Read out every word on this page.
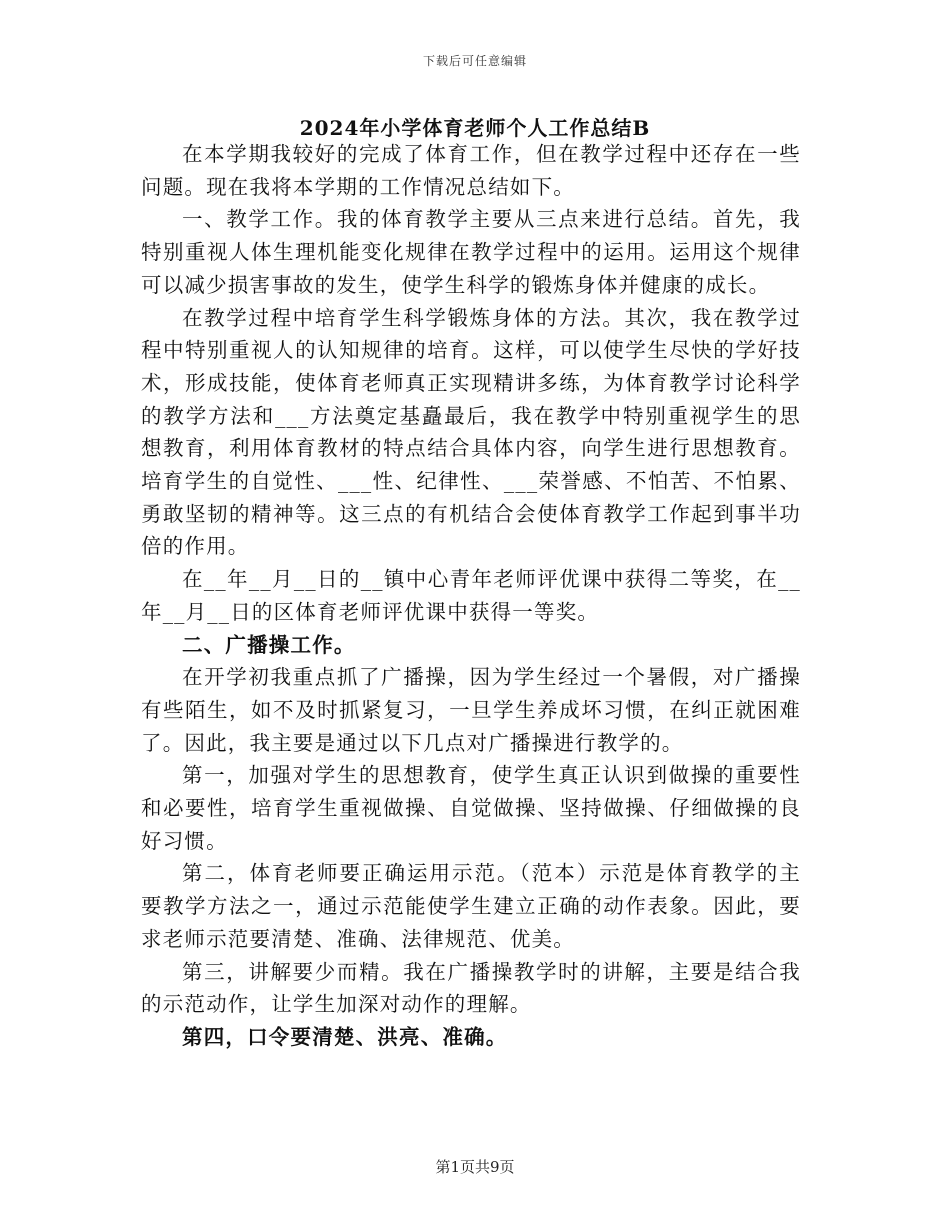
下载后可任意编辑
2024年小学体育老师个人工作总结B

在本学期我较好的完成了体育工作，但在教学过程中还存在一些问题。现在我将本学期的工作情况总结如下。

一、教学工作。我的体育教学主要从三点来进行总结。首先，我特别重视人体生理机能变化规律在教学过程中的运用。运用这个规律可以减少损害事故的发生，使学生科学的锻炼身体并健康的成长。

在教学过程中培育学生科学锻炼身体的方法。其次，我在教学过程中特别重视人的认知规律的培育。这样，可以使学生尽快的学好技术，形成技能，使体育老师真正实现精讲多练，为体育教学讨论科学的教学方法和___方法奠定基矗最后，我在教学中特别重视学生的思想教育，利用体育教材的特点结合具体内容，向学生进行思想教育。培育学生的自觉性、___性、纪律性、___荣誉感、不怕苦、不怕累、勇敢坚韧的精神等。这三点的有机结合会使体育教学工作起到事半功倍的作用。

在__年__月__日的__镇中心青年老师评优课中获得二等奖，在__年__月__日的区体育老师评优课中获得一等奖。

二、广播操工作。

在开学初我重点抓了广播操，因为学生经过一个暑假，对广播操有些陌生，如不及时抓紧复习，一旦学生养成坏习惯，在纠正就困难了。因此，我主要是通过以下几点对广播操进行教学的。

第一，加强对学生的思想教育，使学生真正认识到做操的重要性和必要性，培育学生重视做操、自觉做操、坚持做操、仔细做操的良好习惯。

第二，体育老师要正确运用示范。（范本）示范是体育教学的主要教学方法之一，通过示范能使学生建立正确的动作表象。因此，要求老师示范要清楚、准确、法律规范、优美。

第三，讲解要少而精。我在广播操教学时的讲解，主要是结合我的示范动作，让学生加深对动作的理解。

第四，口令要清楚、洪亮、准确。

第1页共9页
